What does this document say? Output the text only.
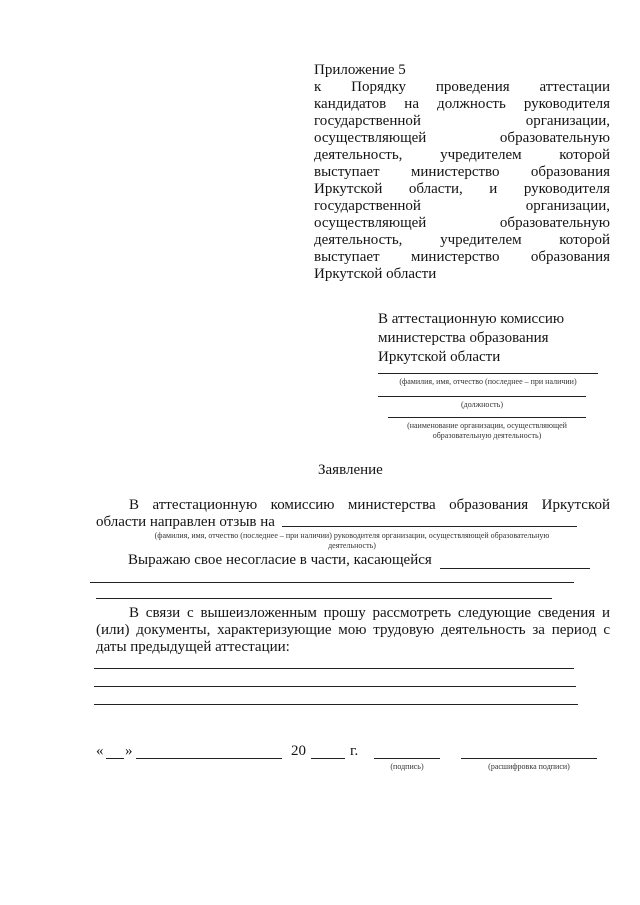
Приложение 5
к Порядку проведения аттестации
кандидатов на должность руководителя
государственной организации,
осуществляющей образовательную
деятельность, учредителем которой
выступает министерство образования
Иркутской области, и руководителя
государственной организации,
осуществляющей образовательную
деятельность, учредителем которой
выступает министерство образования
Иркутской области
В аттестационную комиссию
министерства образования
Иркутской области
(фамилия, имя, отчество (последнее – при наличии)
(должность)
(наименование организации, осуществляющей
образовательную деятельность)
Заявление
В аттестационную комиссию министерства образования Иркутской
области направлен отзыв на
(фамилия, имя, отчество (последнее – при наличии) руководителя организации, осуществляющей образовательную
деятельность)
Выражаю свое несогласие в части, касающейся
В связи с вышеизложенным прошу рассмотреть следующие сведения и
(или) документы, характеризующие мою трудовую деятельность за период с
даты предыдущей аттестации:
« »	20	г.
(подпись)	(расшифровка подписи)
